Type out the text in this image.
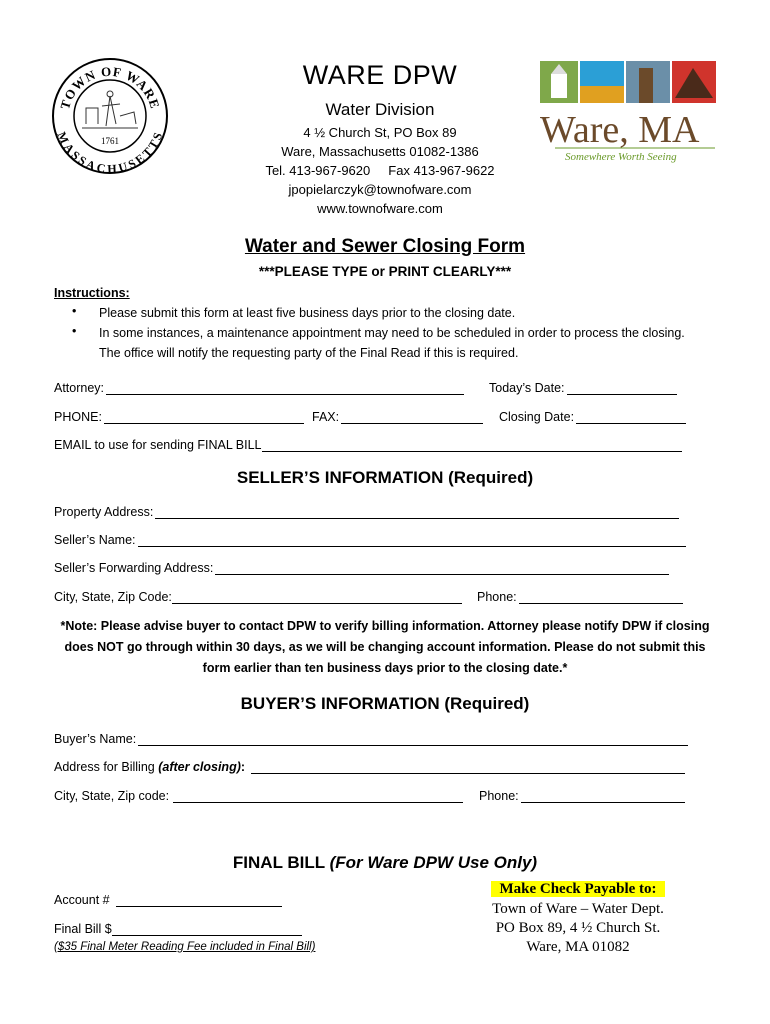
TOWN OF WARE
MASSACHUSETTS
1761
WARE DPW
Water Division
4 ½ Church St, PO Box 89
Ware, Massachusetts 01082-1386
Tel. 413-967-9620     Fax 413-967-9622
jpopielarczyk@townofware.com
www.townofware.com
Ware, MA
Somewhere Worth Seeing
Water and Sewer Closing Form
***PLEASE TYPE or PRINT CLEARLY***
Instructions:
• Please submit this form at least five business days prior to the closing date.
• In some instances, a maintenance appointment may need to be scheduled in order to process the closing. The office will notify the requesting party of the Final Read if this is required.
Attorney:	Today’s Date:
PHONE:	FAX:	Closing Date:
EMAIL to use for sending FINAL BILL
SELLER’S INFORMATION (Required)
Property Address:
Seller’s Name:
Seller’s Forwarding Address:
City, State, Zip Code:	Phone:
*Note: Please advise buyer to contact DPW to verify billing information. Attorney please notify DPW if closing does NOT go through within 30 days, as we will be changing account information. Please do not submit this form earlier than ten business days prior to the closing date.*
BUYER’S INFORMATION (Required)
Buyer’s Name:
Address for Billing (after closing):
City, State, Zip code:	Phone:
FINAL BILL (For Ware DPW Use Only)
Account #
Final Bill $
($35 Final Meter Reading Fee included in Final Bill)
Make Check Payable to:
Town of Ware – Water Dept.
PO Box 89, 4 ½ Church St.
Ware, MA 01082
